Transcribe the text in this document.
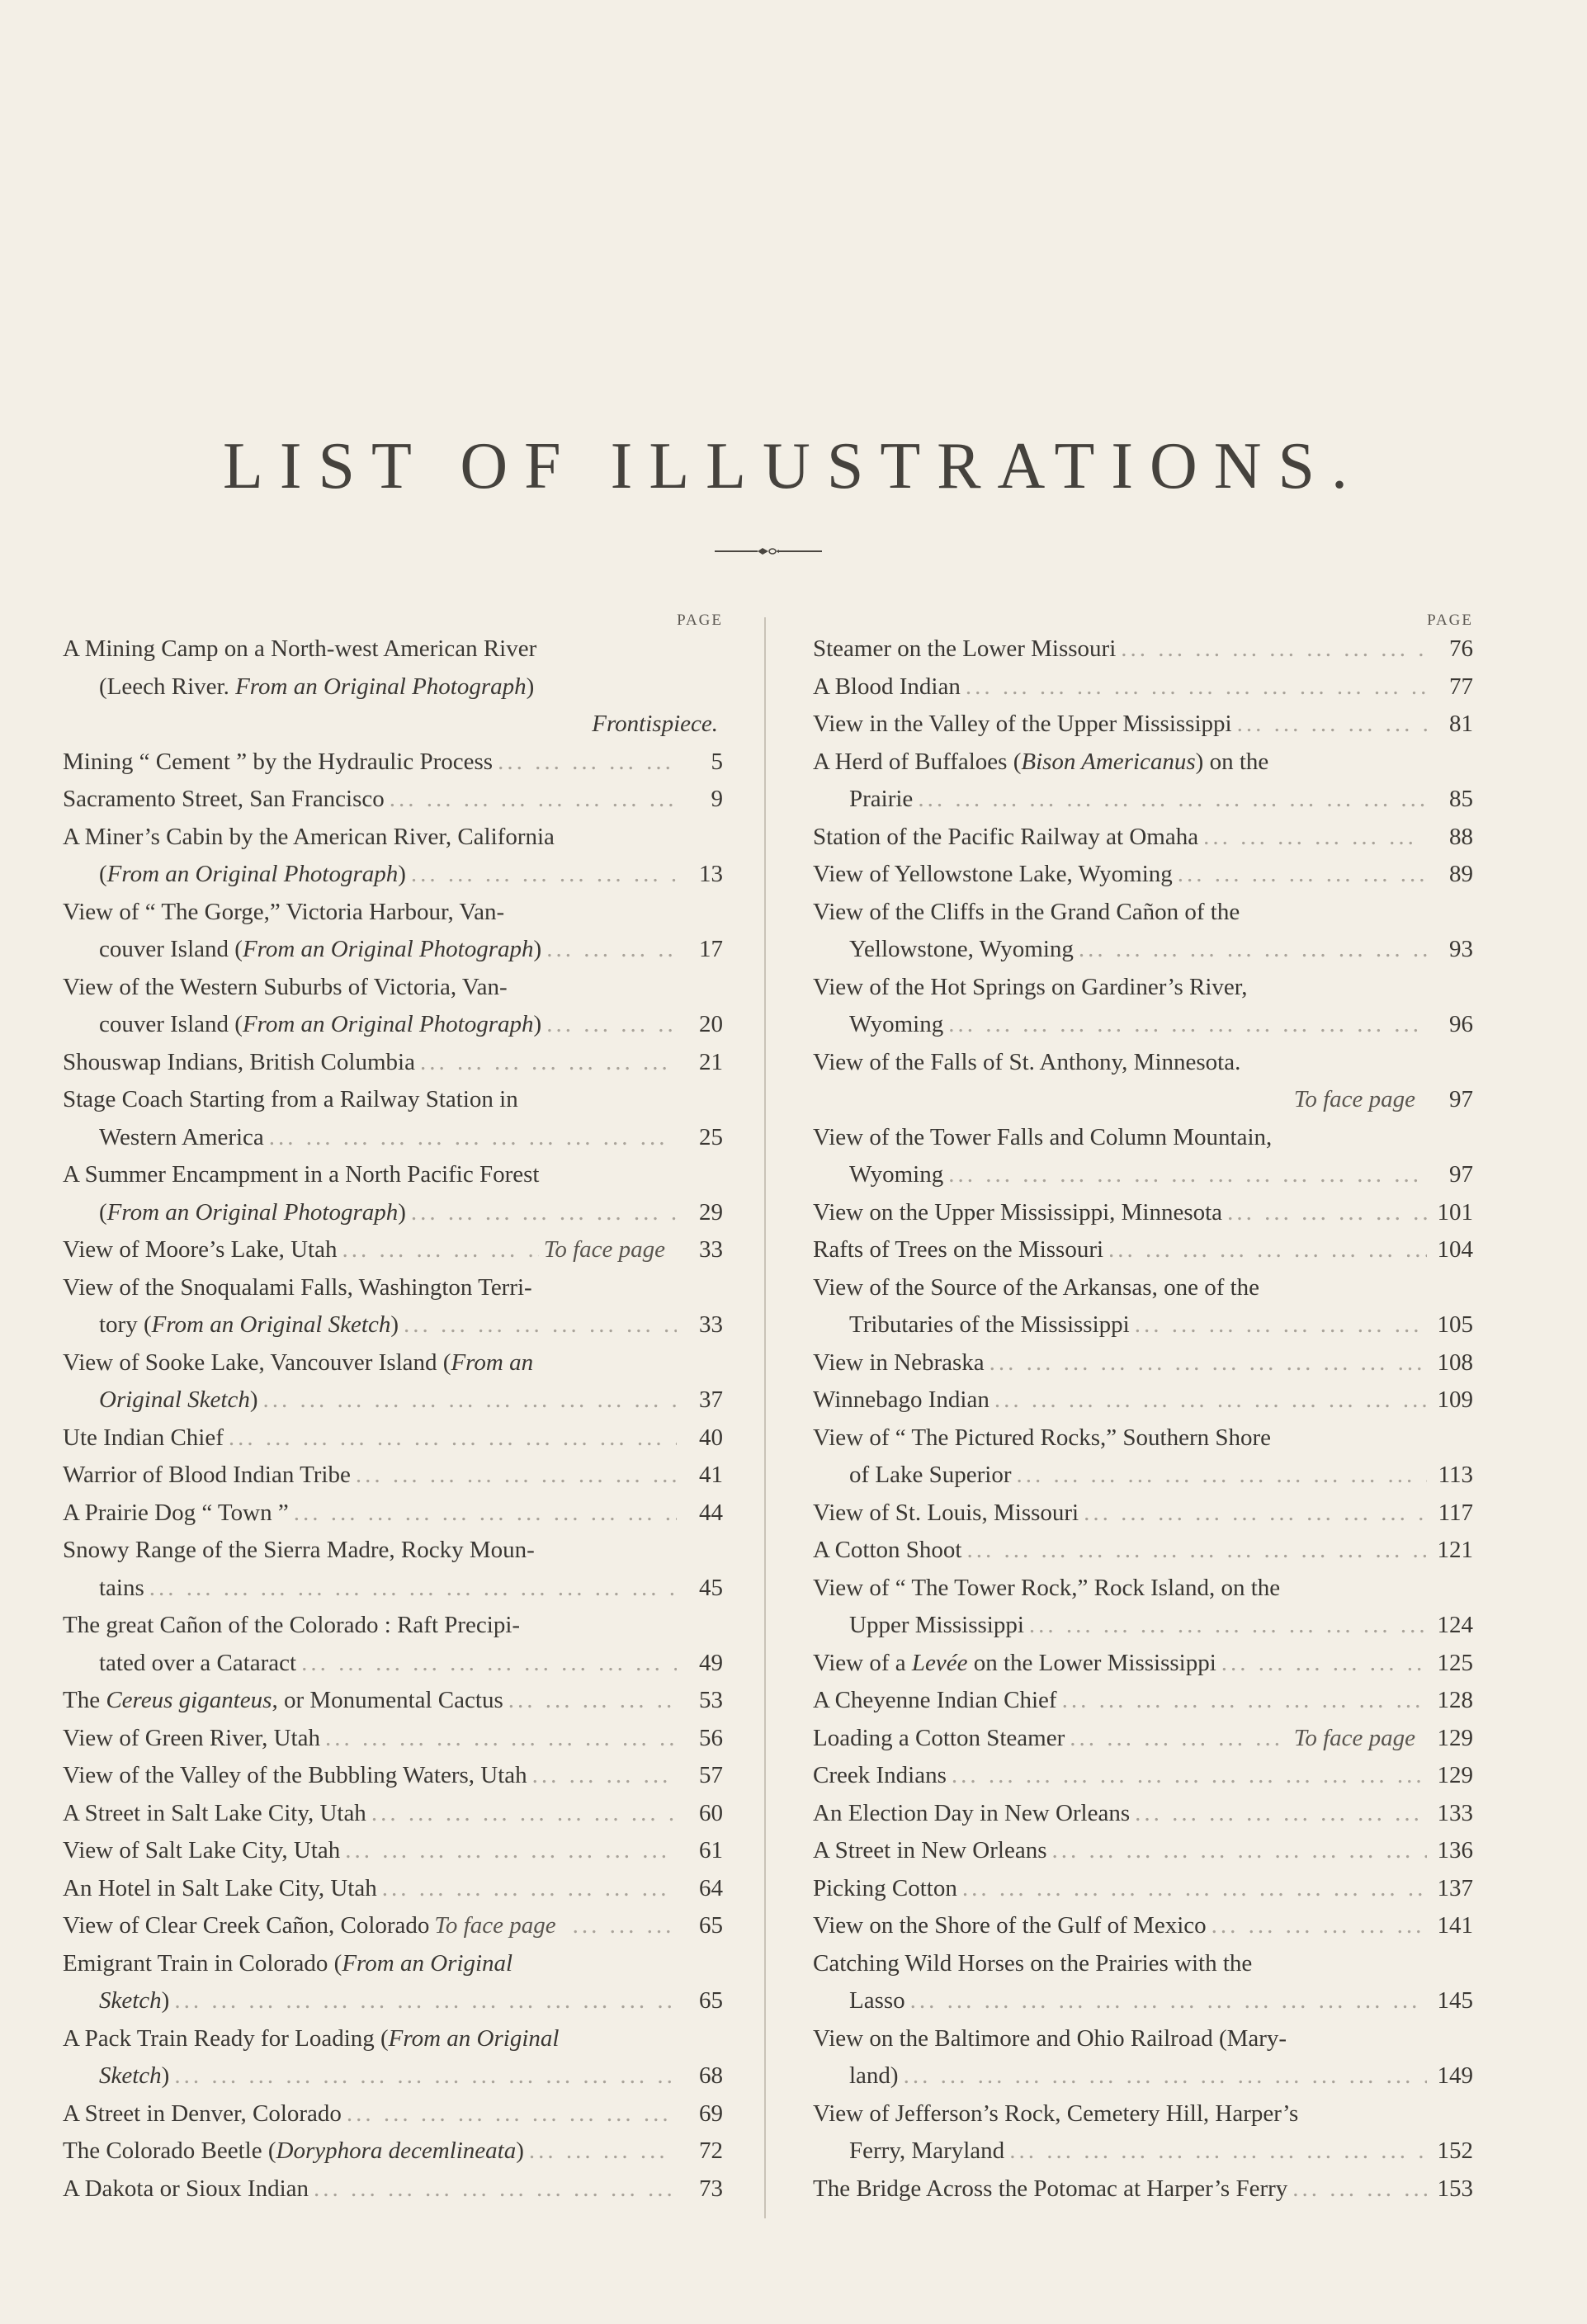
LIST OF ILLUSTRATIONS.
PAGE
A Mining Camp on a North-west American River
(Leech River. From an Original Photograph )
Frontispiece.
Mining “ Cement ” by the Hydraulic Process ... .	5
Sacramento Street, San Francisco ... .	9
A Miner’s Cabin by the American River, California
( From an Original Photograph ) ... .	13
View of “ The Gorge,” Victoria Harbour, Van-
couver Island ( From an Original Photograph ) ... .	17
View of the Western Suburbs of Victoria, Van-
couver Island ( From an Original Photograph ) ... .	20
Shouswap Indians, British Columbia ... .	21
Stage Coach Starting from a Railway Station in
Western America ... .	25
A Summer Encampment in a North Pacific Forest
( From an Original Photograph ) ... .	29
View of Moore’s Lake, Utah ... .	To face page	33
View of the Snoqualami Falls, Washington Terri-
tory ( From an Original Sketch ) ... .	33
View of Sooke Lake, Vancouver Island ( From an
Original Sketch ) ... .	37
Ute Indian Chief ... .	40
Warrior of Blood Indian Tribe ... .	41
A Prairie Dog “ Town ” ... .	44
Snowy Range of the Sierra Madre, Rocky Moun-
tains ... .	45
The great Cañon of the Colorado : Raft Precipi-
tated over a Cataract ... .	49
The Cereus giganteus , or Monumental Cactus ... .	53
View of Green River, Utah ... .	56
View of the Valley of the Bubbling Waters, Utah ... .	57
A Street in Salt Lake City, Utah ... .	60
View of Salt Lake City, Utah ... .	61
An Hotel in Salt Lake City, Utah ... .	64
View of Clear Creek Cañon, Colorado To face page ... .	65
Emigrant Train in Colorado ( From an Original
Sketch ) ... .	65
A Pack Train Ready for Loading ( From an Original
Sketch ) ... .	68
A Street in Denver, Colorado ... .	69
The Colorado Beetle ( Doryphora decemlineata ) ... .	72
A Dakota or Sioux Indian ... .	73
PAGE
Steamer on the Lower Missouri ... .	76
A Blood Indian ... .	77
View in the Valley of the Upper Mississippi ... .	81
A Herd of Buffaloes ( Bison Americanus ) on the
Prairie ... .	85
Station of the Pacific Railway at Omaha ... .	88
View of Yellowstone Lake, Wyoming ... .	89
View of the Cliffs in the Grand Cañon of the
Yellowstone, Wyoming ... .	93
View of the Hot Springs on Gardiner’s River,
Wyoming ... .	96
View of the Falls of St. Anthony, Minnesota.
To face page	97
View of the Tower Falls and Column Mountain,
Wyoming ... .	97
View on the Upper Mississippi, Minnesota ... .	101
Rafts of Trees on the Missouri ... .	104
View of the Source of the Arkansas, one of the
Tributaries of the Mississippi ... .	105
View in Nebraska ... .	108
Winnebago Indian ... .	109
View of “ The Pictured Rocks,” Southern Shore
of Lake Superior ... .	113
View of St. Louis, Missouri ... .	117
A Cotton Shoot ... .	121
View of “ The Tower Rock,” Rock Island, on the
Upper Mississippi ... .	124
View of a Levée on the Lower Mississippi ... .	125
A Cheyenne Indian Chief ... .	128
Loading a Cotton Steamer ... .	To face page 129
Creek Indians ... .	129
An Election Day in New Orleans ... .	133
A Street in New Orleans ... .	136
Picking Cotton ... .	137
View on the Shore of the Gulf of Mexico ... .	141
Catching Wild Horses on the Prairies with the
Lasso ... .	145
View on the Baltimore and Ohio Railroad (Mary-
land) ... .	149
View of Jefferson’s Rock, Cemetery Hill, Harper’s
Ferry, Maryland ... .	152
The Bridge Across the Potomac at Harper’s Ferry ... .	153
